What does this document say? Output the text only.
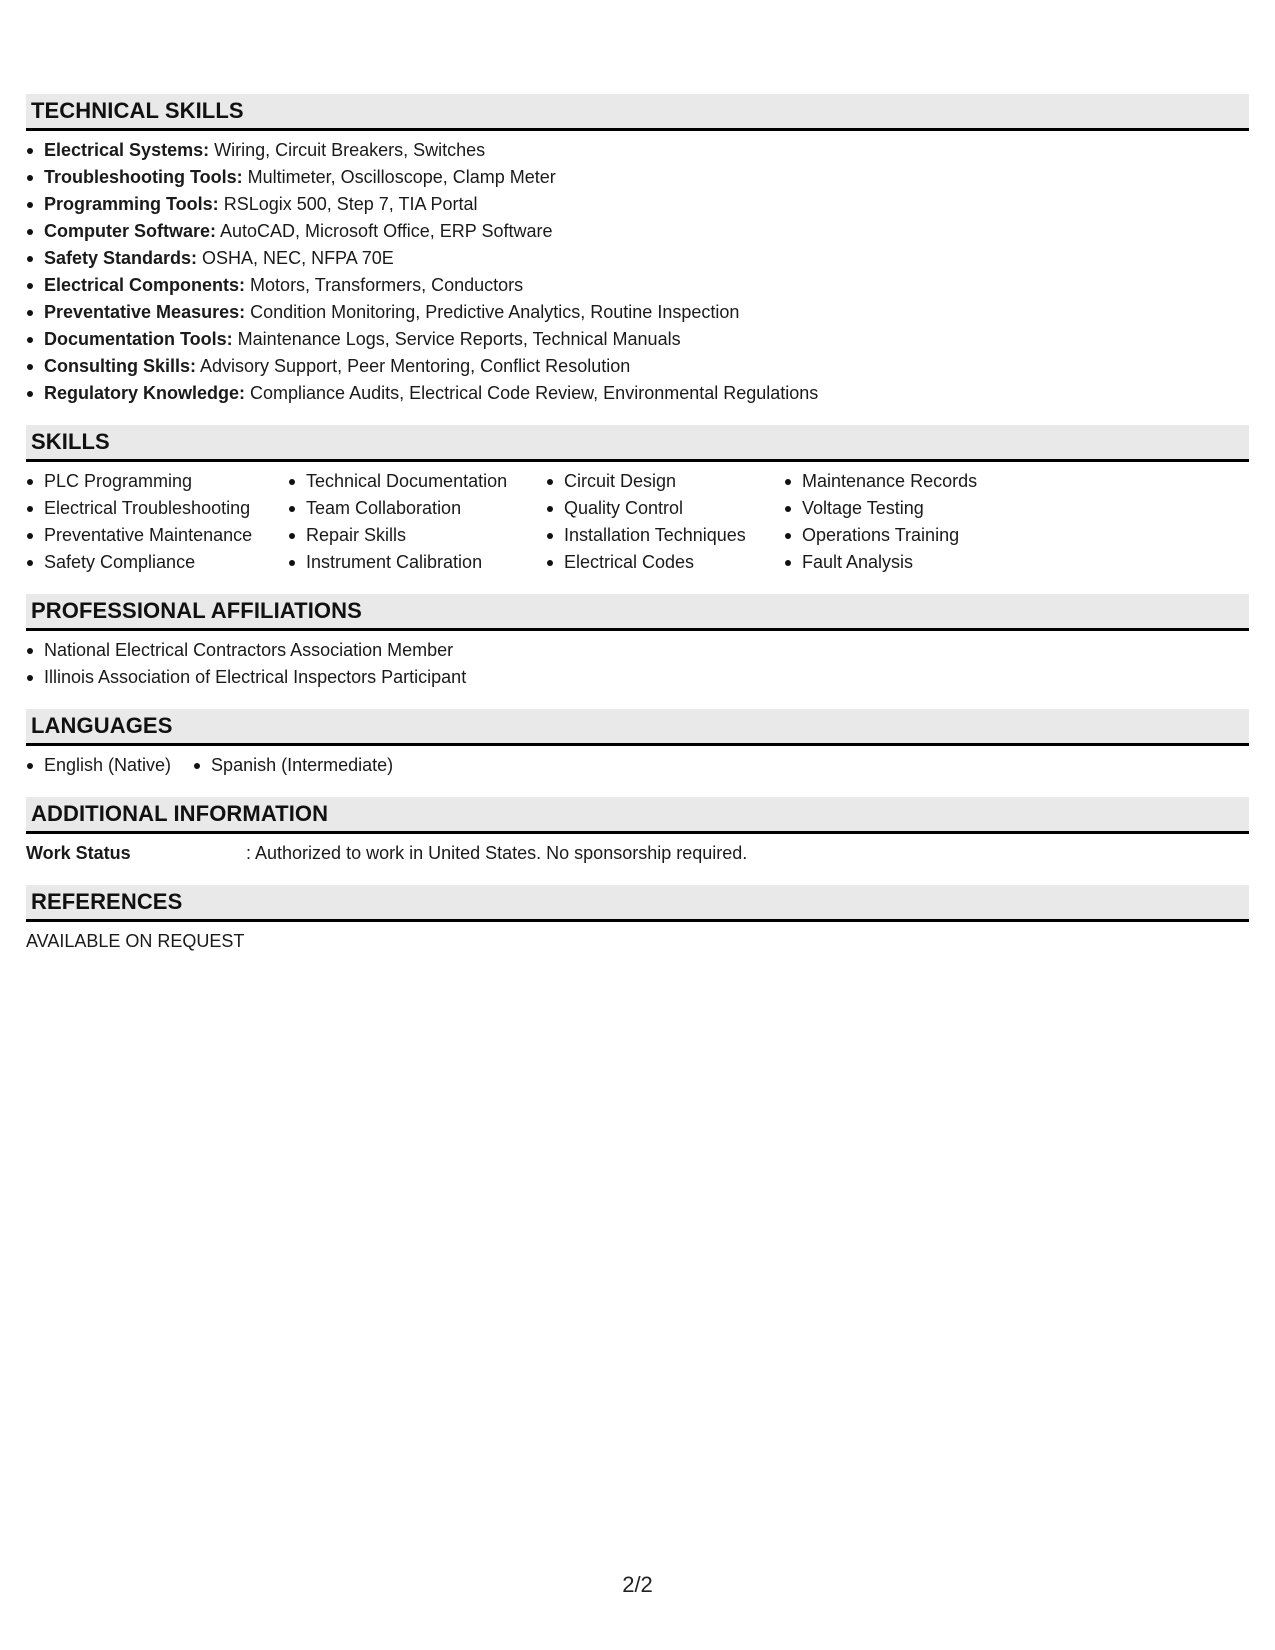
TECHNICAL SKILLS
Electrical Systems: Wiring, Circuit Breakers, Switches
Troubleshooting Tools: Multimeter, Oscilloscope, Clamp Meter
Programming Tools: RSLogix 500, Step 7, TIA Portal
Computer Software: AutoCAD, Microsoft Office, ERP Software
Safety Standards: OSHA, NEC, NFPA 70E
Electrical Components: Motors, Transformers, Conductors
Preventative Measures: Condition Monitoring, Predictive Analytics, Routine Inspection
Documentation Tools: Maintenance Logs, Service Reports, Technical Manuals
Consulting Skills: Advisory Support, Peer Mentoring, Conflict Resolution
Regulatory Knowledge: Compliance Audits, Electrical Code Review, Environmental Regulations
SKILLS
PLC Programming
Electrical Troubleshooting
Preventative Maintenance
Safety Compliance
Technical Documentation
Team Collaboration
Repair Skills
Instrument Calibration
Circuit Design
Quality Control
Installation Techniques
Electrical Codes
Maintenance Records
Voltage Testing
Operations Training
Fault Analysis
PROFESSIONAL AFFILIATIONS
National Electrical Contractors Association Member
Illinois Association of Electrical Inspectors Participant
LANGUAGES
English (Native)	Spanish (Intermediate)
ADDITIONAL INFORMATION
Work Status	: Authorized to work in United States. No sponsorship required.
REFERENCES
AVAILABLE ON REQUEST
2/2
